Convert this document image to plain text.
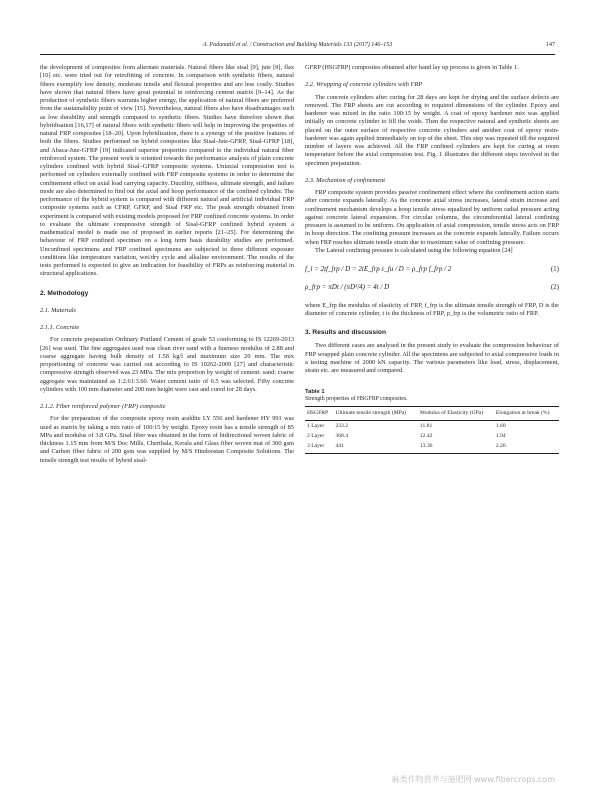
A. Padanattil et al. / Construction and Building Materials 133 (2017) 146–153	147

the development of composites from alternate materials. Natural fibers like sisal [9], jute [9], flax [10] etc. were tried out for retrofitting of concrete. In comparison with synthetic fibers, natural fibers exemplify low density, moderate tensile and flexural properties and are less costly. Studies have shown that natural fibers have great potential in reinforcing cement matrix [9–14]. As the production of synthetic fibers warrants higher energy, the application of natural fibers are preferred from the sustainability point of view [15]. Nevertheless, natural fibers also have disadvantages such as low durability and strength compared to synthetic fibers. Studies have therefore shown that hybridisation [16,17] of natural fibers with synthetic fibers will help in improving the properties of natural FRP composites [18–20]. Upon hybridization, there is a synergy of the positive features of both the fibers. Studies performed on hybrid composites like Sisal-Jute-GFRP, Sisal-GFRP [18], and Abaca-Jute-GFRP [19] indicated superior properties compared to the individual natural fiber reinforced system. The present work is oriented towards the performance analysis of plain concrete cylinders confined with hybrid Sisal–GFRP composite systems. Uniaxial compression test is performed on cylinders externally confined with FRP composite systems in order to determine the confinement effect on axial load carrying capacity. Ductility, stiffness, ultimate strength, and failure mode are also determined to find out the axial and hoop performance of the confined cylinder. The performance of the hybrid system is compared with different natural and artificial individual FRP composite systems such as CFRP, GFRP, and Sisal FRP etc. The peak strength obtained from experiment is compared with existing models proposed for FRP confined concrete systems. In order to evaluate the ultimate compressive strength of Sisal-GFRP confined hybrid system a mathematical model is made use of proposed in earlier reports [21–25]. For determining the behaviour of FRP confined specimen on a long term basis durability studies are performed. Unconfined specimens and FRP confined specimens are subjected to three different exposure conditions like temperature variation, wet/dry cycle and alkaline environment. The results of the tests performed is expected to give an indication for feasibility of FRPs as reinforcing material in structural applications.

2. Methodology
2.1. Materials
2.1.1. Concrete

For concrete preparation Ordinary Portland Cement of grade 53 conforming to IS 12269-2013 [26] was used. The fine aggregates used was clean river sand with a fineness modulus of 2.88 and coarse aggregate having bulk density of 1.58 kg/l and maximum size 20 mm. The mix proportioning of concrete was carried out according to IS 10262-2009 [27] and characteristic compressive strength observed was 23 MPa. The mix proportion by weight of cement: sand: coarse aggregate was maintained as 1:2.61:3.60. Water cement ratio of 0.5 was selected. Fifty concrete cylinders with 100 mm diameter and 200 mm height were cast and cured for 28 days.

2.1.2. Fiber reinforced polymer (FRP) composite

For the preparation of the composite epoxy resin araldite LY 556 and hardener HY 991 was used as matrix by taking a mix ratio of 100:15 by weight. Epoxy resin has a tensile strength of 85 MPa and modulus of 3.8 GPa. Sisal fiber was obtained in the form of bidirectional woven fabric of thickness 1.15 mm from M/S Doc Mills, Cherthala, Kerala and Glass fiber woven mat of 300 gsm and Carbon fiber fabric of 200 gsm was supplied by M/S Hindoostan Composite Solutions. The tensile strength test results of hybrid sisal-

GFRP (HSGFRP) composites obtained after hand lay up process is given in Table 1.

2.2. Wrapping of concrete cylinders with FRP

The concrete cylinders after curing for 28 days are kept for drying and the surface defects are removed. The FRP sheets are cut according to required dimensions of the cylinder. Epoxy and hardener was mixed in the ratio 100:15 by weight. A coat of epoxy hardener mix was applied initially on concrete cylinder to fill the voids. Then the respective natural and synthetic sheets are placed on the outer surface of respective concrete cylinders and another coat of epoxy resin-hardener was again applied immediately on top of the sheet. This step was repeated till the required number of layers was achieved. All the FRP confined cylinders are kept for curing at room temperature before the axial compression test. Fig. 1 illustrates the different steps involved in the specimen preparation.

2.3. Mechanism of confinement

FRP composite system provides passive confinement effect where the confinement action starts after concrete expands laterally. As the concrete axial stress increases, lateral strain increase and confinement mechanism develops a hoop tensile stress equalized by uniform radial pressure acting against concrete lateral expansion. For circular columns, the circumferential lateral confining pressure is assumed to be uniform. On application of axial compression, tensile stress acts on FRP in hoop direction. The confining pressure increases as the concrete expands laterally. Failure occurs when FRP reaches ultimate tensile strain due to maximum value of confining pressure.

The Lateral confining pressure is calculated using the following equation [24]

f_l = 2tf_frp / D = 2tE_frp ε_fu / D = ρ_frp f_frp / 2	(1)
ρ_frp = πDt / (πD²/4) = 4t / D	(2)

where E_frp the modulus of elasticity of FRP, f_frp is the ultimate tensile strength of FRP, D is the diameter of concrete cylinder, t is the thickness of FRP, ρ_frp is the volumetric ratio of FRP.

3. Results and discussion

Two different cases are analysed in the present study to evaluate the compression behaviour of FRP wrapped plain concrete cylinder. All the specimens are subjected to axial compressive loads in a testing machine of 2000 kN capacity. The various parameters like load, stress, displacement, strain etc. are measured and compared.

Table 1
Strength properties of HSGFRP composites.
HSGFRP	Ultimate tensile strength (MPa)	Modulus of Elasticity (GPa)	Elongation at break (%)
1 Layer	233.2	11.81	1.60
2 Layer	368.4	12.42	1.94
3 Layer	441	13.36	2.26
麻类作物营养与施肥网 www.fibercrops.com
